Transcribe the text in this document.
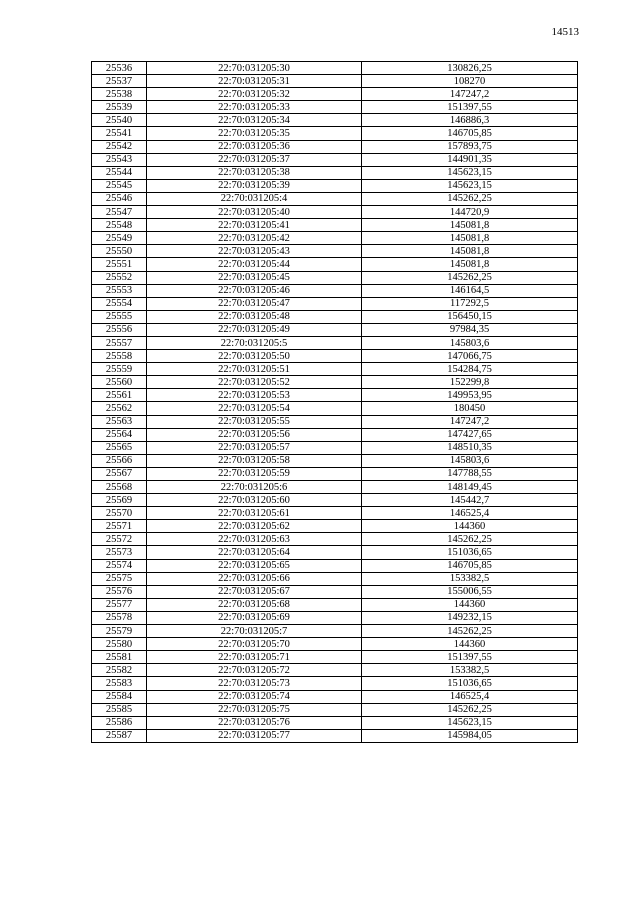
14513
25536	22:70:031205:30	130826,25
25537	22:70:031205:31	108270
25538	22:70:031205:32	147247,2
25539	22:70:031205:33	151397,55
25540	22:70:031205:34	146886,3
25541	22:70:031205:35	146705,85
25542	22:70:031205:36	157893,75
25543	22:70:031205:37	144901,35
25544	22:70:031205:38	145623,15
25545	22:70:031205:39	145623,15
25546	22:70:031205:4	145262,25
25547	22:70:031205:40	144720,9
25548	22:70:031205:41	145081,8
25549	22:70:031205:42	145081,8
25550	22:70:031205:43	145081,8
25551	22:70:031205:44	145081,8
25552	22:70:031205:45	145262,25
25553	22:70:031205:46	146164,5
25554	22:70:031205:47	117292,5
25555	22:70:031205:48	156450,15
25556	22:70:031205:49	97984,35
25557	22:70:031205:5	145803,6
25558	22:70:031205:50	147066,75
25559	22:70:031205:51	154284,75
25560	22:70:031205:52	152299,8
25561	22:70:031205:53	149953,95
25562	22:70:031205:54	180450
25563	22:70:031205:55	147247,2
25564	22:70:031205:56	147427,65
25565	22:70:031205:57	148510,35
25566	22:70:031205:58	145803,6
25567	22:70:031205:59	147788,55
25568	22:70:031205:6	148149,45
25569	22:70:031205:60	145442,7
25570	22:70:031205:61	146525,4
25571	22:70:031205:62	144360
25572	22:70:031205:63	145262,25
25573	22:70:031205:64	151036,65
25574	22:70:031205:65	146705,85
25575	22:70:031205:66	153382,5
25576	22:70:031205:67	155006,55
25577	22:70:031205:68	144360
25578	22:70:031205:69	149232,15
25579	22:70:031205:7	145262,25
25580	22:70:031205:70	144360
25581	22:70:031205:71	151397,55
25582	22:70:031205:72	153382,5
25583	22:70:031205:73	151036,65
25584	22:70:031205:74	146525,4
25585	22:70:031205:75	145262,25
25586	22:70:031205:76	145623,15
25587	22:70:031205:77	145984,05
